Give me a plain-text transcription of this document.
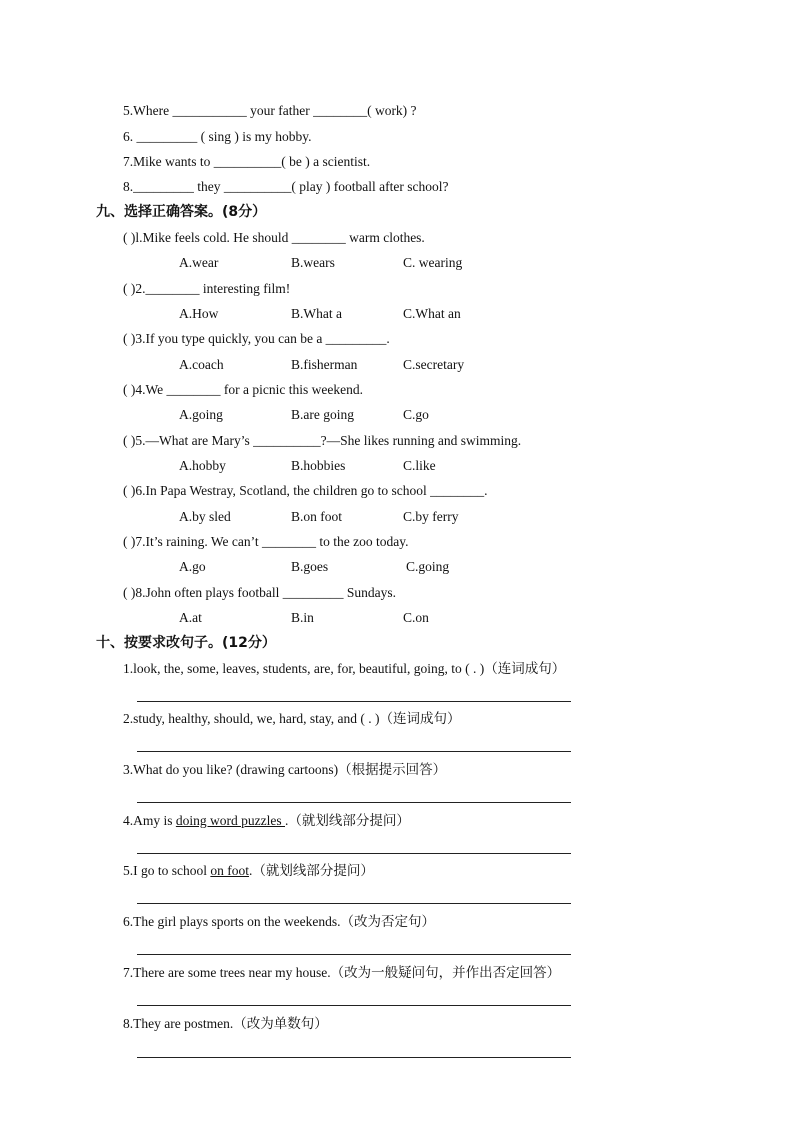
5.Where ___________ your father ________( work) ?
6. _________ ( sing ) is my hobby.
7.Mike wants to __________( be ) a scientist.
8._________ they __________( play ) football after school?
九、选择正确答案。(8分）
( )l.Mike feels cold. He should ________ warm clothes.
A.wear	B.wears	C. wearing
( )2.________ interesting film!
A.How	B.What a	C.What an
( )3.If you type quickly, you can be a _________.
A.coach	B.fisherman	C.secretary
( )4.We ________ for a picnic this weekend.
A.going	B.are going	C.go
( )5.—What are Mary’s __________?—She likes running and swimming.
A.hobby	B.hobbies	C.like
( )6.In Papa Westray, Scotland, the children go to school ________.
A.by sled	B.on foot	C.by ferry
( )7.It’s raining. We can’t ________ to the zoo today.
A.go	B.goes	C.going
( )8.John often plays football _________ Sundays.
A.at	B.in	C.on
十、按要求改句子。(12分）
1.look, the, some, leaves, students, are, for, beautiful, going, to ( . )（连词成句）
2.study, healthy, should, we, hard, stay, and ( . )（连词成句）
3.What do you like? (drawing cartoons)（根据提示回答）
4.Amy is doing word puzzles .（就划线部分提问）
5.I go to school on foot.（就划线部分提问）
6.The girl plays sports on the weekends.（改为否定句）
7.There are some trees near my house.（改为一般疑问句，并作出否定回答）
8.They are postmen.（改为单数句）
